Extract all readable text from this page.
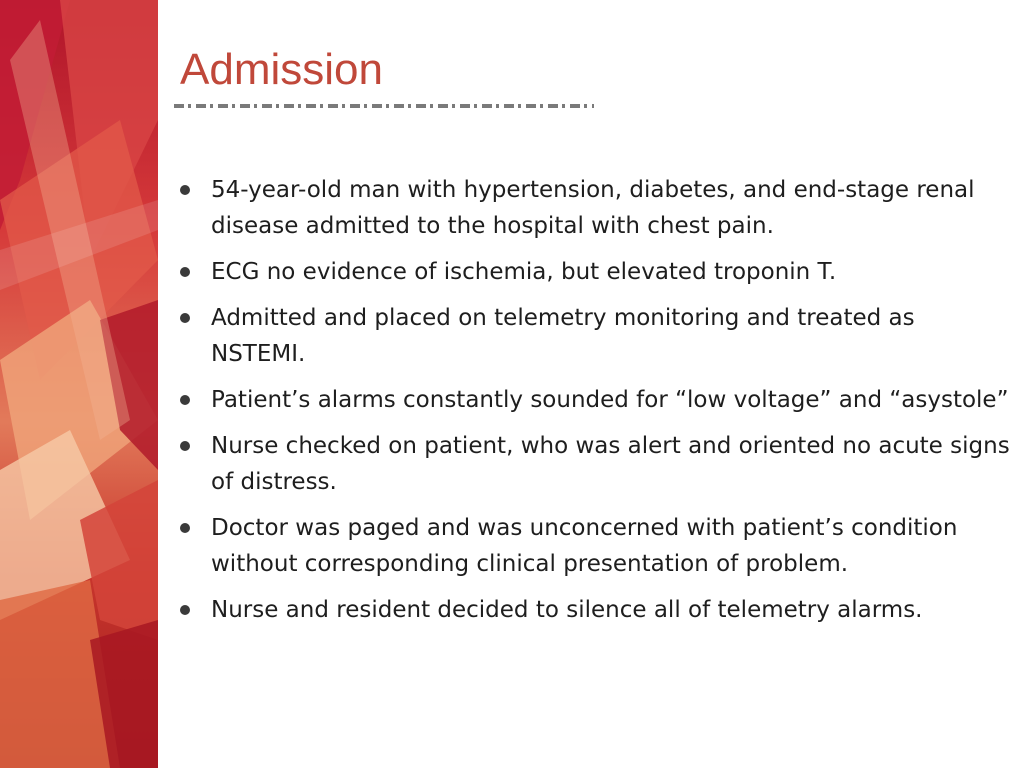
Admission
54-year-old man with hypertension, diabetes, and end-stage renal disease admitted to the hospital with chest pain.
ECG no evidence of ischemia, but elevated troponin T.
Admitted and placed on telemetry monitoring and treated as NSTEMI.
Patient’s alarms constantly sounded for “low voltage” and “asystole”
Nurse checked on patient, who was alert and oriented no acute signs of distress.
Doctor was paged and was unconcerned with patient’s condition without corresponding clinical presentation of problem.
Nurse and resident decided to silence all of telemetry alarms.
